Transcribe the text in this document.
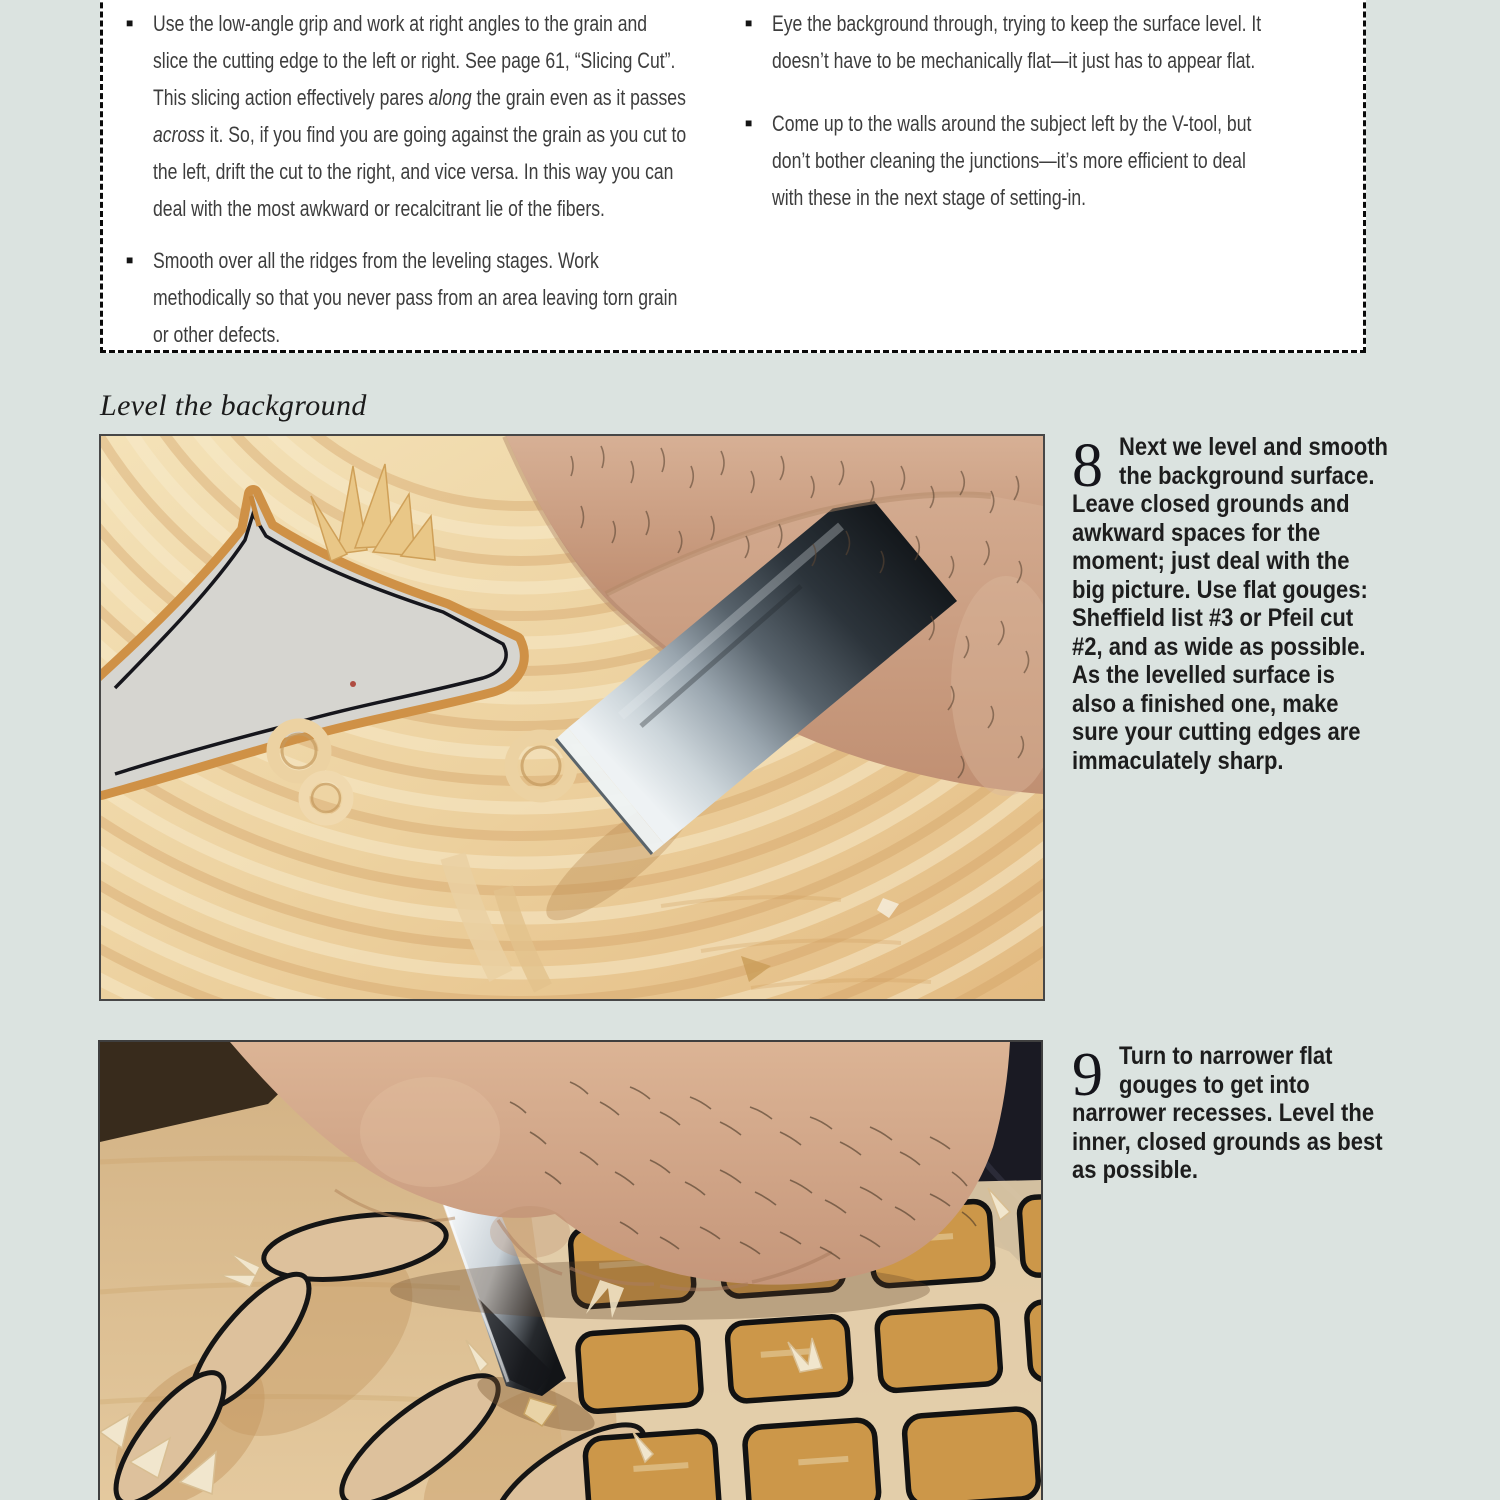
■ Use the low-angle grip and work at right angles to the grain and
slice the cutting edge to the left or right. See page 61, “Slicing Cut”.
This slicing action effectively pares along the grain even as it passes
across it. So, if you find you are going against the grain as you cut to
the left, drift the cut to the right, and vice versa. In this way you can
deal with the most awkward or recalcitrant lie of the fibers.
■ Smooth over all the ridges from the leveling stages. Work
methodically so that you never pass from an area leaving torn grain
or other defects.
■ Eye the background through, trying to keep the surface level. It
doesn’t have to be mechanically flat—it just has to appear flat.
■ Come up to the walls around the subject left by the V-tool, but
don’t bother cleaning the junctions—it’s more efficient to deal
with these in the next stage of setting-in.
Level the background
8 Next we level and smooth
the background surface.
Leave closed grounds and
awkward spaces for the
moment; just deal with the
big picture. Use flat gouges:
Sheffield list #3 or Pfeil cut
#2, and as wide as possible.
As the levelled surface is
also a finished one, make
sure your cutting edges are
immaculately sharp.
9 Turn to narrower flat
gouges to get into
narrower recesses. Level the
inner, closed grounds as best
as possible.
